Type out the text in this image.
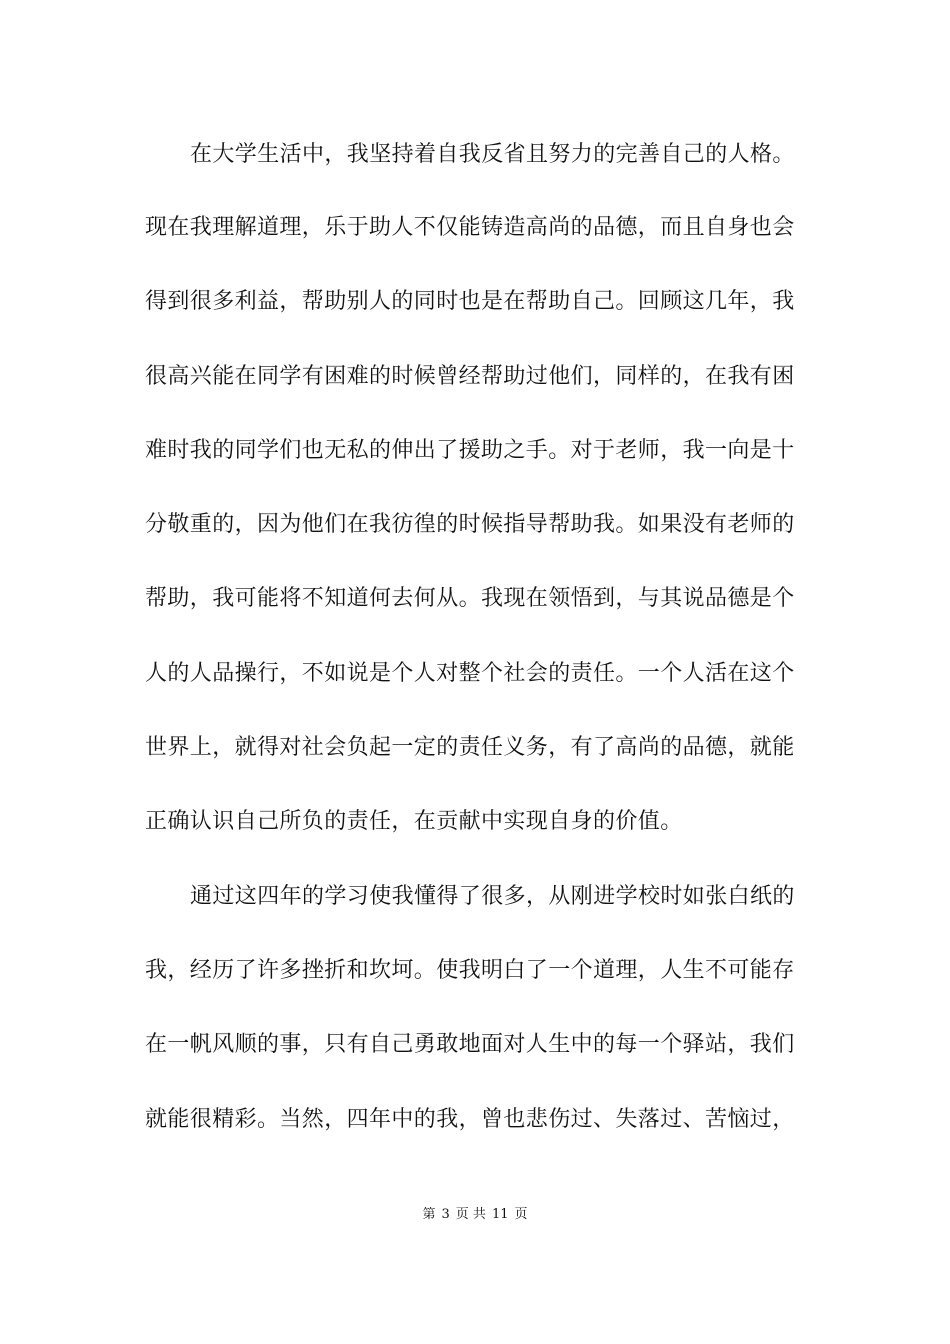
在大学生活中，我坚持着自我反省且努力的完善自己的人格。
现在我理解道理，乐于助人不仅能铸造高尚的品德，而且自身也会
得到很多利益，帮助别人的同时也是在帮助自己。回顾这几年，我
很高兴能在同学有困难的时候曾经帮助过他们，同样的，在我有困
难时我的同学们也无私的伸出了援助之手。对于老师，我一向是十
分敬重的，因为他们在我彷徨的时候指导帮助我。如果没有老师的
帮助，我可能将不知道何去何从。我现在领悟到，与其说品德是个
人的人品操行，不如说是个人对整个社会的责任。一个人活在这个
世界上，就得对社会负起一定的责任义务，有了高尚的品德，就能
正确认识自己所负的责任，在贡献中实现自身的价值。
通过这四年的学习使我懂得了很多，从刚进学校时如张白纸的
我，经历了许多挫折和坎坷。使我明白了一个道理，人生不可能存
在一帆风顺的事，只有自己勇敢地面对人生中的每一个驿站，我们
就能很精彩。当然，四年中的我，曾也悲伤过、失落过、苦恼过，
第 3 页 共 11 页
